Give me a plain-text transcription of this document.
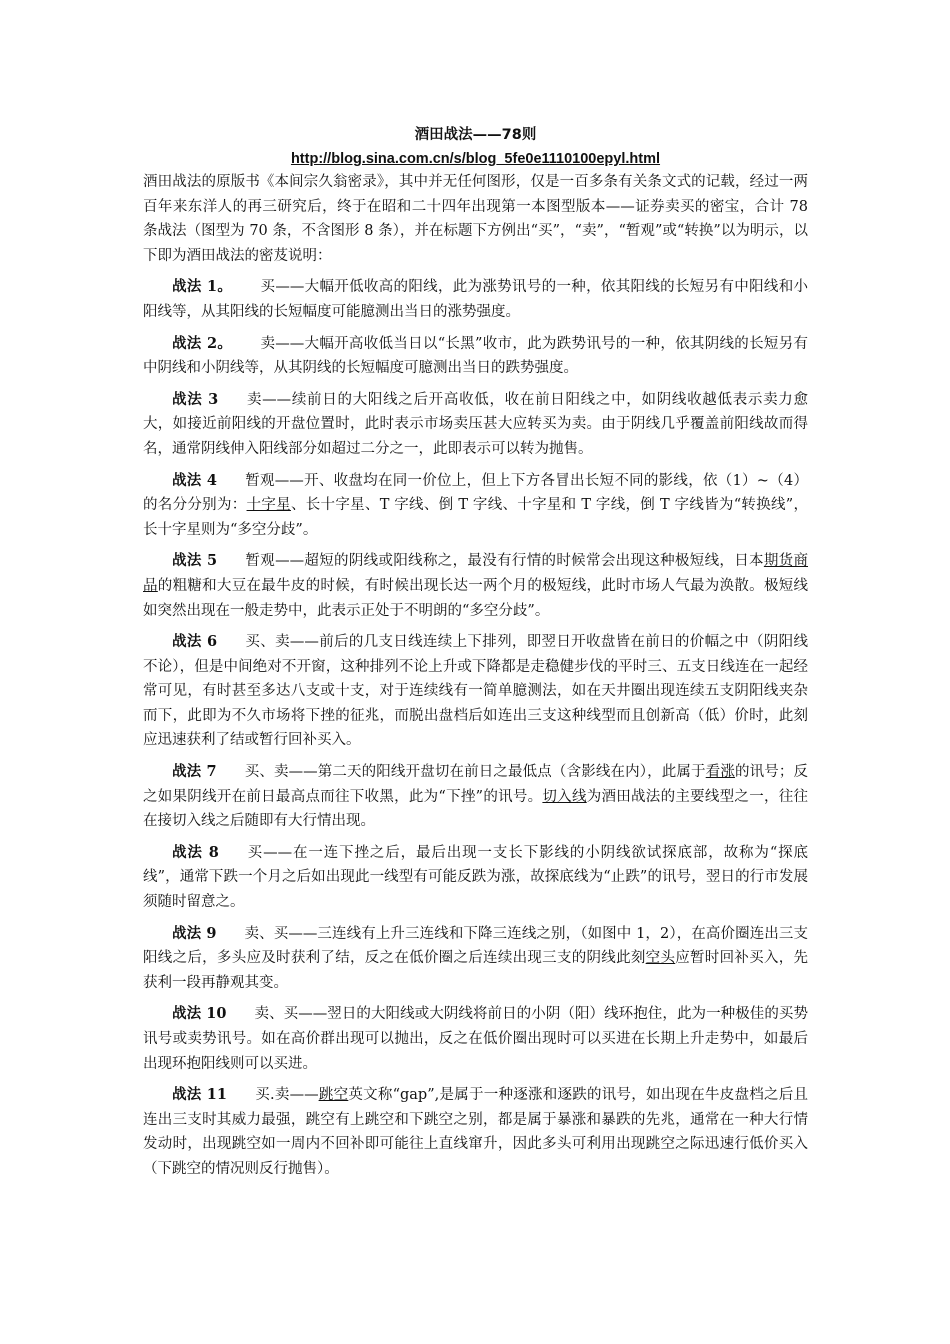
酒田战法——78则
http://blog.sina.com.cn/s/blog_5fe0e1110100epyl.html

酒田战法的原版书《本间宗久翁密录》，其中并无任何图形，仅是一百多条有关条文式的记载，经过一两百年来东洋人的再三研究后，终于在昭和二十四年出现第一本图型版本——证券卖买的密宝，合计 78 条战法（图型为 70 条，不含图形 8 条），并在标题下方例出“买”，“卖”，“暂观”或“转换”以为明示，以下即为酒田战法的密芨说明：

战法 1。 买——大幅开低收高的阳线，此为涨势讯号的一种，依其阳线的长短另有中阳线和小阳线等，从其阳线的长短幅度可能臆测出当日的涨势强度。

战法 2。 卖——大幅开高收低当日以“长黑”收市，此为跌势讯号的一种，依其阴线的长短另有中阴线和小阴线等，从其阴线的长短幅度可臆测出当日的跌势强度。

战法 3 卖——续前日的大阳线之后开高收低，收在前日阳线之中，如阴线收越低表示卖力愈大，如接近前阳线的开盘位置时，此时表示市场卖压甚大应转买为卖。由于阴线几乎覆盖前阳线故而得名，通常阴线伸入阳线部分如超过二分之一，此即表示可以转为抛售。

战法 4 暂观——开、收盘均在同一价位上，但上下方各冒出长短不同的影线，依（1）~（4）的名分分别为：十字星、长十字星、T 字线、倒 T 字线、十字星和 T 字线，倒 T 字线皆为“转换线”，长十字星则为“多空分歧”。

战法 5 暂观——超短的阴线或阳线称之，最没有行情的时候常会出现这种极短线，日本期货商品的粗糖和大豆在最牛皮的时候，有时候出现长达一两个月的极短线，此时市场人气最为涣散。极短线如突然出现在一般走势中，此表示正处于不明朗的“多空分歧”。

战法 6 买、卖——前后的几支日线连续上下排列，即翌日开收盘皆在前日的价幅之中（阴阳线不论），但是中间绝对不开窗，这种排列不论上升或下降都是走稳健步伐的平时三、五支日线连在一起经常可见，有时甚至多达八支或十支，对于连续线有一简单臆测法，如在天井圈出现连续五支阴阳线夹杂而下，此即为不久市场将下挫的征兆，而脱出盘档后如连出三支这种线型而且创新高（低）价时，此刻应迅速获利了结或暂行回补买入。

战法 7 买、卖——第二天的阳线开盘切在前日之最低点（含影线在内），此属于看涨的讯号；反之如果阴线开在前日最高点而往下收黑，此为“下挫”的讯号。切入线为酒田战法的主要线型之一，往往在接切入线之后随即有大行情出现。

战法 8 买——在一连下挫之后，最后出现一支长下影线的小阴线欲试探底部，故称为“探底线”，通常下跌一个月之后如出现此一线型有可能反跌为涨，故探底线为“止跌”的讯号，翌日的行市发展须随时留意之。

战法 9 卖、买——三连线有上升三连线和下降三连线之别，（如图中 1，2），在高价圈连出三支阳线之后，多头应及时获利了结，反之在低价圈之后连续出现三支的阴线此刻空头应暂时回补买入，先获利一段再静观其变。

战法 10 卖、买——翌日的大阳线或大阴线将前日的小阴（阳）线环抱住，此为一种极佳的买势讯号或卖势讯号。如在高价群出现可以抛出，反之在低价圈出现时可以买进在长期上升走势中，如最后出现环抱阳线则可以买进。

战法 11 买.卖——跳空英文称“gap”,是属于一种逐涨和逐跌的讯号，如出现在牛皮盘档之后且连出三支时其威力最强，跳空有上跳空和下跳空之别，都是属于暴涨和暴跌的先兆，通常在一种大行情发动时，出现跳空如一周内不回补即可能往上直线窜升，因此多头可利用出现跳空之际迅速行低价买入（下跳空的情况则反行抛售）。
